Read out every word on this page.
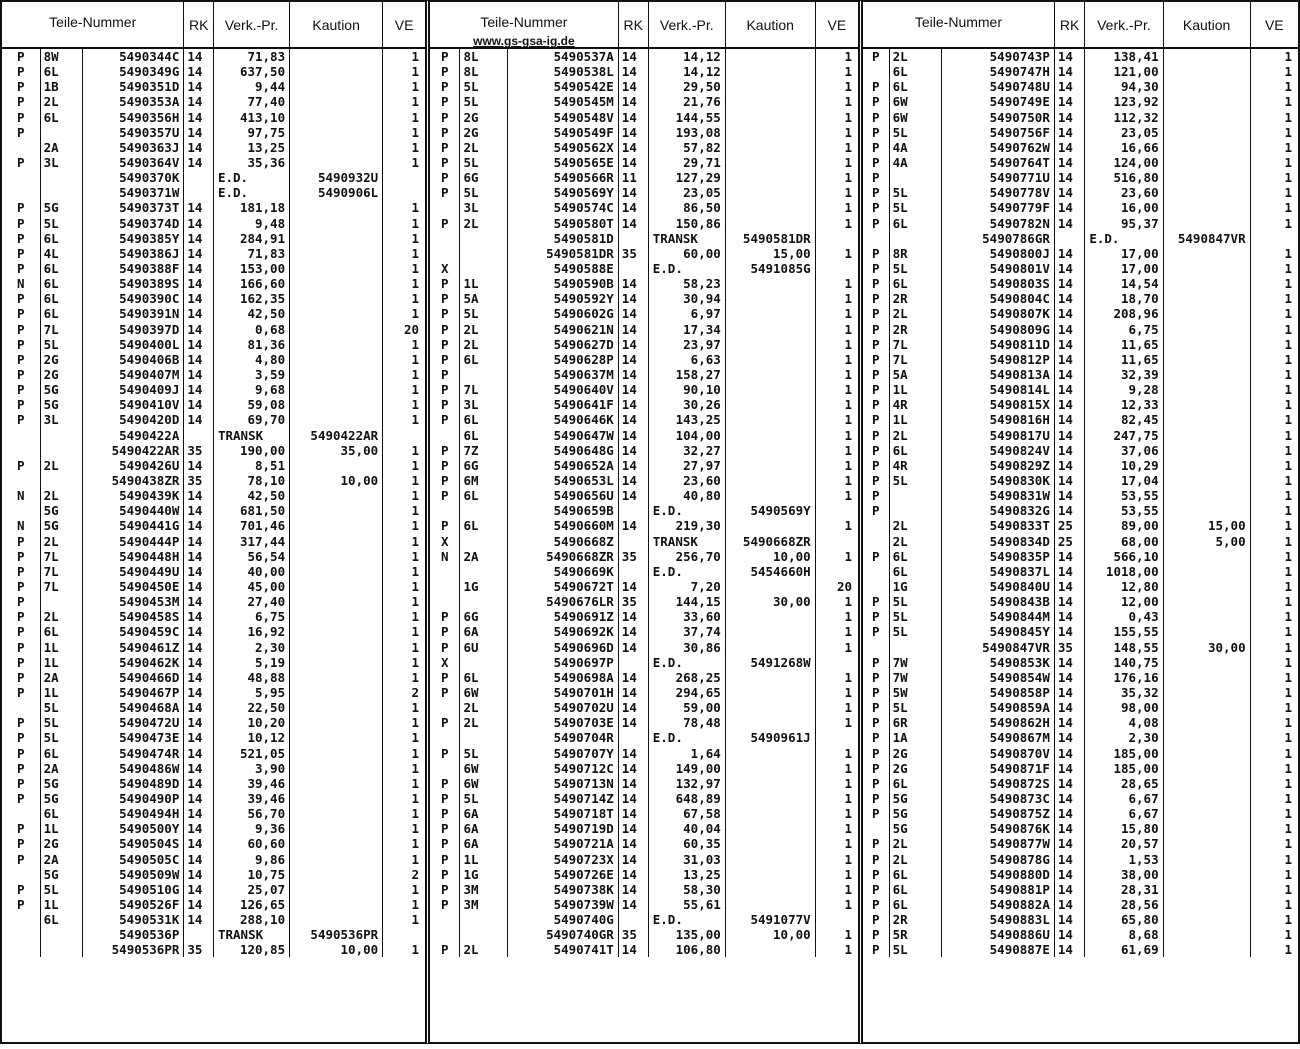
Teile-Nummer			RK	Verk.-Pr.	Kaution	VE
P	8W	5490344C	14	71,83		1
P	6L	5490349G	14	637,50		1
P	1B	5490351D	14	9,44		1
P	2L	5490353A	14	77,40		1
P	6L	5490356H	14	413,10		1
P		5490357U	14	97,75		1
	2A	5490363J	14	13,25		1
P	3L	5490364V	14	35,36		1
		5490370K		E.D.	5490932U	
		5490371W		E.D.	5490906L	
P	5G	5490373T	14	181,18		1
P	5L	5490374D	14	9,48		1
P	6L	5490385Y	14	284,91		1
P	4L	5490386J	14	71,83		1
P	6L	5490388F	14	153,00		1
N	6L	5490389S	14	166,60		1
P	6L	5490390C	14	162,35		1
P	6L	5490391N	14	42,50		1
P	7L	5490397D	14	0,68		20
P	5L	5490400L	14	81,36		1
P	2G	5490406B	14	4,80		1
P	2G	5490407M	14	3,59		1
P	5G	5490409J	14	9,68		1
P	5G	5490410V	14	59,08		1
P	3L	5490420D	14	69,70		1
		5490422A		TRANSK	5490422AR	
		5490422AR	35	190,00	35,00	1
P	2L	5490426U	14	8,51		1
		5490438ZR	35	78,10	10,00	1
N	2L	5490439K	14	42,50		1
	5G	5490440W	14	681,50		1
N	5G	5490441G	14	701,46		1
P	2L	5490444P	14	317,44		1
P	7L	5490448H	14	56,54		1
P	7L	5490449U	14	40,00		1
P	7L	5490450E	14	45,00		1
P		5490453M	14	27,40		1
P	2L	5490458S	14	6,75		1
P	6L	5490459C	14	16,92		1
P	1L	5490461Z	14	2,30		1
P	1L	5490462K	14	5,19		1
P	2A	5490466D	14	48,88		1
P	1L	5490467P	14	5,95		2
	5L	5490468A	14	22,50		1
P	5L	5490472U	14	10,20		1
P	5L	5490473E	14	10,12		1
P	6L	5490474R	14	521,05		1
P	2A	5490486W	14	3,90		1
P	5G	5490489D	14	39,46		1
P	5G	5490490P	14	39,46		1
	6L	5490494H	14	56,70		1
P	1L	5490500Y	14	9,36		1
P	2G	5490504S	14	60,60		1
P	2A	5490505C	14	9,86		1
	5G	5490509W	14	10,75		2
P	5L	5490510G	14	25,07		1
P	1L	5490526F	14	126,65		1
	6L	5490531K	14	288,10		1
		5490536P		TRANSK	5490536PR	
		5490536PR	35	120,85	10,00	1
Teile-Nummer
www.gs-gsa-ig.de			RK	Verk.-Pr.	Kaution	VE
P	8L	5490537A	14	14,12		1
P	8L	5490538L	14	14,12		1
P	5L	5490542E	14	29,50		1
P	5L	5490545M	14	21,76		1
P	2G	5490548V	14	144,55		1
P	2G	5490549F	14	193,08		1
P	2L	5490562X	14	57,82		1
P	5L	5490565E	14	29,71		1
P	6G	5490566R	11	127,29		1
P	5L	5490569Y	14	23,05		1
	3L	5490574C	14	86,50		1
P	2L	5490580T	14	150,86		1
		5490581D		TRANSK	5490581DR	
		5490581DR	35	60,00	15,00	1
X		5490588E		E.D.	5491085G	
P	1L	5490590B	14	58,23		1
P	5A	5490592Y	14	30,94		1
P	5L	5490602G	14	6,97		1
P	2L	5490621N	14	17,34		1
P	2L	5490627D	14	23,97		1
P	6L	5490628P	14	6,63		1
P		5490637M	14	158,27		1
P	7L	5490640V	14	90,10		1
P	3L	5490641F	14	30,26		1
P	6L	5490646K	14	143,25		1
	6L	5490647W	14	104,00		1
P	7Z	5490648G	14	32,27		1
P	6G	5490652A	14	27,97		1
P	6M	5490653L	14	23,60		1
P	6L	5490656U	14	40,80		1
		5490659B		E.D.	5490569Y	
P	6L	5490660M	14	219,30		1
X		5490668Z		TRANSK	5490668ZR	
N	2A	5490668ZR	35	256,70	10,00	1
		5490669K		E.D.	5454660H	
	1G	5490672T	14	7,20		20
		5490676LR	35	144,15	30,00	1
P	6G	5490691Z	14	33,60		1
P	6A	5490692K	14	37,74		1
P	6U	5490696D	14	30,86		1
X		5490697P		E.D.	5491268W	
P	6L	5490698A	14	268,25		1
P	6W	5490701H	14	294,65		1
	2L	5490702U	14	59,00		1
P	2L	5490703E	14	78,48		1
		5490704R		E.D.	5490961J	
P	5L	5490707Y	14	1,64		1
	6W	5490712C	14	149,00		1
P	6W	5490713N	14	132,97		1
P	5L	5490714Z	14	648,89		1
P	6A	5490718T	14	67,58		1
P	6A	5490719D	14	40,04		1
P	6A	5490721A	14	60,35		1
P	1L	5490723X	14	31,03		1
P	1G	5490726E	14	13,25		1
P	3M	5490738K	14	58,30		1
P	3M	5490739W	14	55,61		1
		5490740G		E.D.	5491077V	
		5490740GR	35	135,00	10,00	1
P	2L	5490741T	14	106,80		1
Teile-Nummer			RK	Verk.-Pr.	Kaution	VE
P	2L	5490743P	14	138,41		1
	6L	5490747H	14	121,00		1
P	6L	5490748U	14	94,30		1
P	6W	5490749E	14	123,92		1
P	6W	5490750R	14	112,32		1
P	5L	5490756F	14	23,05		1
P	4A	5490762W	14	16,66		1
P	4A	5490764T	14	124,00		1
P		5490771U	14	516,80		1
P	5L	5490778V	14	23,60		1
P	5L	5490779F	14	16,00		1
P	6L	5490782N	14	95,37		1
		5490786GR		E.D.	5490847VR	
P	8R	5490800J	14	17,00		1
P	5L	5490801V	14	17,00		1
P	6L	5490803S	14	14,54		1
P	2R	5490804C	14	18,70		1
P	2L	5490807K	14	208,96		1
P	2R	5490809G	14	6,75		1
P	7L	5490811D	14	11,65		1
P	7L	5490812P	14	11,65		1
P	5A	5490813A	14	32,39		1
P	1L	5490814L	14	9,28		1
P	4R	5490815X	14	12,33		1
P	1L	5490816H	14	82,45		1
P	2L	5490817U	14	247,75		1
P	6L	5490824V	14	37,06		1
P	4R	5490829Z	14	10,29		1
P	5L	5490830K	14	17,04		1
P		5490831W	14	53,55		1
P		5490832G	14	53,55		1
	2L	5490833T	25	89,00	15,00	1
	2L	5490834D	25	68,00	5,00	1
P	6L	5490835P	14	566,10		1
	6L	5490837L	14	1018,00		1
	1G	5490840U	14	12,80		1
P	5L	5490843B	14	12,00		1
P	5L	5490844M	14	0,43		1
P	5L	5490845Y	14	155,55		1
		5490847VR	35	148,55	30,00	1
P	7W	5490853K	14	140,75		1
P	7W	5490854W	14	176,16		1
P	5W	5490858P	14	35,32		1
P	5L	5490859A	14	98,00		1
P	6R	5490862H	14	4,08		1
P	1A	5490867M	14	2,30		1
P	2G	5490870V	14	185,00		1
P	2G	5490871F	14	185,00		1
P	6L	5490872S	14	28,65		1
P	5G	5490873C	14	6,67		1
P	5G	5490875Z	14	6,67		1
	5G	5490876K	14	15,80		1
P	2L	5490877W	14	20,57		1
P	2L	5490878G	14	1,53		1
P	6L	5490880D	14	38,00		1
P	6L	5490881P	14	28,31		1
P	6L	5490882A	14	28,56		1
P	2R	5490883L	14	65,80		1
P	5R	5490886U	14	8,68		1
P	5L	5490887E	14	61,69		1
